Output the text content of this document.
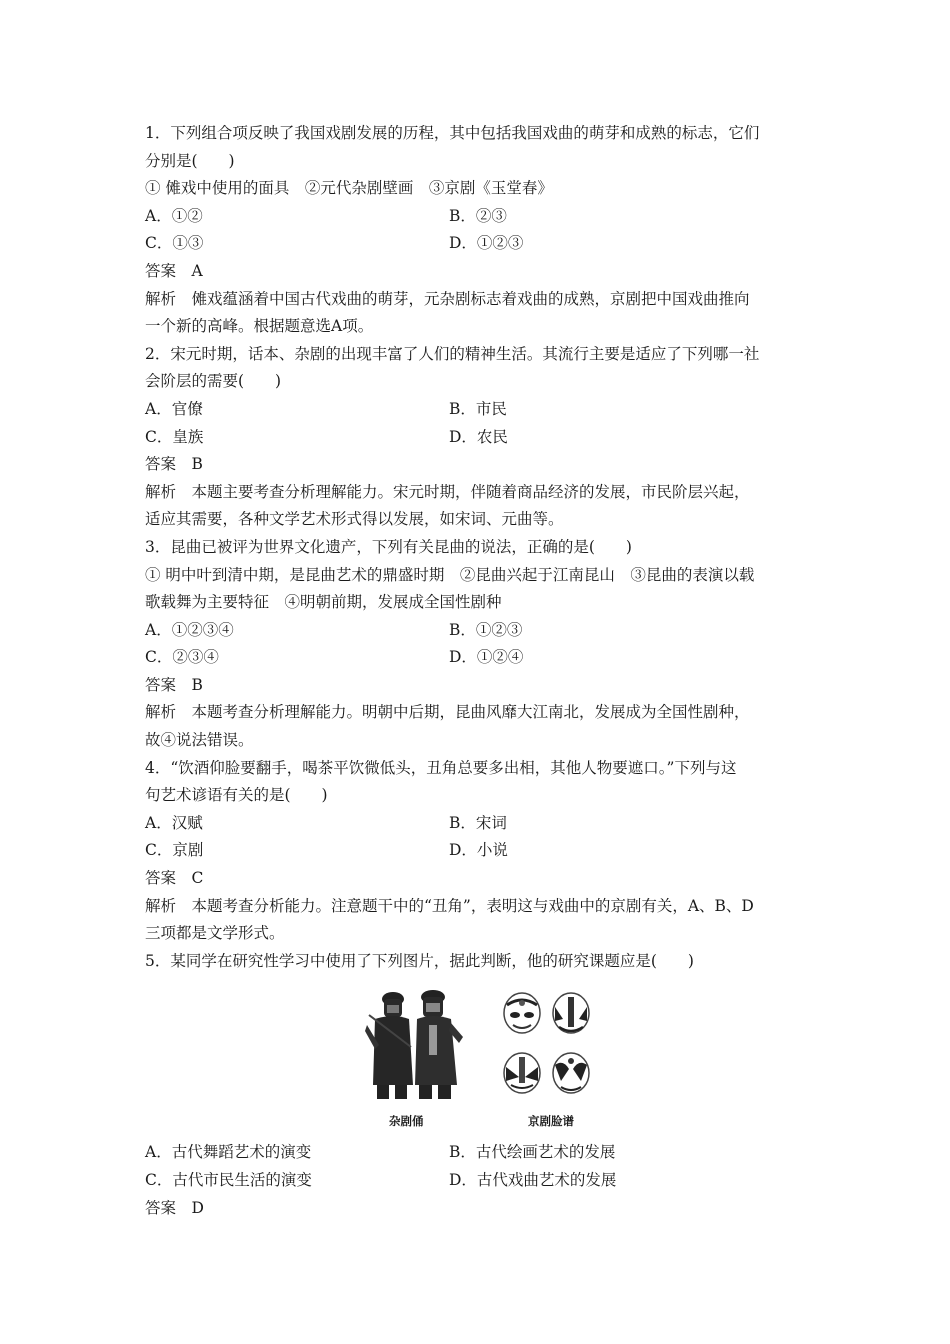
1．下列组合项反映了我国戏剧发展的历程，其中包括我国戏曲的萌芽和成熟的标志，它们
分别是(　　)
① 傩戏中使用的面具　②元代杂剧壁画　③京剧《玉堂春》
A．①②	B．②③
C．①③	D．①②③
答案　A
解析　傩戏蕴涵着中国古代戏曲的萌芽，元杂剧标志着戏曲的成熟，京剧把中国戏曲推向
一个新的高峰。根据题意选A项。
2．宋元时期，话本、杂剧的出现丰富了人们的精神生活。其流行主要是适应了下列哪一社
会阶层的需要(　　)
A．官僚	B．市民
C．皇族	D．农民
答案　B
解析　本题主要考查分析理解能力。宋元时期，伴随着商品经济的发展，市民阶层兴起，
适应其需要，各种文学艺术形式得以发展，如宋词、元曲等。
3．昆曲已被评为世界文化遗产，下列有关昆曲的说法，正确的是(　　)
① 明中叶到清中期，是昆曲艺术的鼎盛时期　②昆曲兴起于江南昆山　③昆曲的表演以载
歌载舞为主要特征　④明朝前期，发展成全国性剧种
A．①②③④	B．①②③
C．②③④	D．①②④
答案　B
解析　本题考查分析理解能力。明朝中后期，昆曲风靡大江南北，发展成为全国性剧种，
故④说法错误。
4．“饮酒仰脸要翻手，喝茶平饮微低头，丑角总要多出相，其他人物要遮口。”下列与这
句艺术谚语有关的是(　　)
A．汉赋	B．宋词
C．京剧	D．小说
答案　C
解析　本题考查分析能力。注意题干中的“丑角”，表明这与戏曲中的京剧有关，A、B、D
三项都是文学形式。
5．某同学在研究性学习中使用了下列图片，据此判断，他的研究课题应是(　　)
杂剧俑	京剧脸谱
A．古代舞蹈艺术的演变	B．古代绘画艺术的发展
C．古代市民生活的演变	D．古代戏曲艺术的发展
答案　D
